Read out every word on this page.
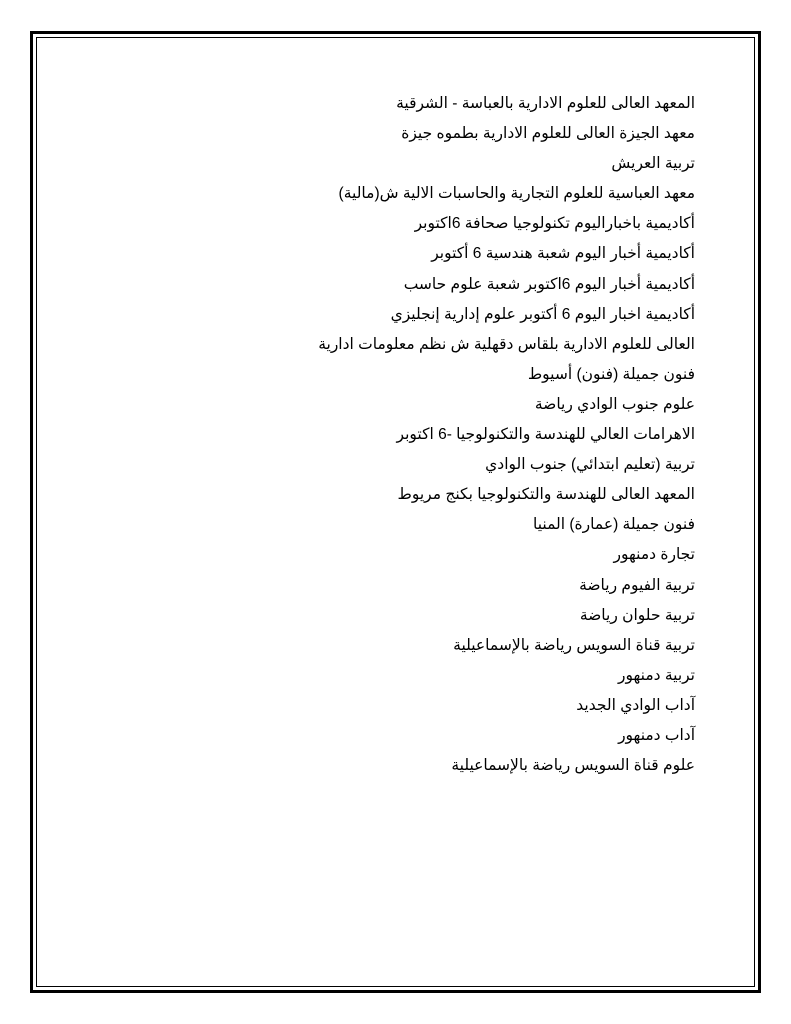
المعهد العالى للعلوم الادارية بالعباسة - الشرقية
معهد الجيزة العالى للعلوم الادارية بطموه جيزة
تربية العريش
معهد العباسية للعلوم التجارية والحاسبات الالية ش(مالية)
أكاديمية باخباراليوم تكنولوجيا صحافة 6اكتوبر
أكاديمية أخبار اليوم شعبة هندسية 6 أكتوبر
أكاديمية أخبار اليوم 6اكتوبر شعبة علوم حاسب
أكاديمية اخبار اليوم 6 أكتوبر علوم إدارية إنجليزي
العالى للعلوم الادارية بلقاس دقهلية ش نظم معلومات ادارية
فنون جميلة (فنون) أسيوط
علوم جنوب الوادي رياضة
الاهرامات العالي للهندسة والتكنولوجيا -6 اكتوبر
تربية (تعليم ابتدائي) جنوب الوادي
المعهد العالى للهندسة والتكنولوجيا بكنج مريوط
فنون جميلة (عمارة) المنيا
تجارة دمنهور
تربية الفيوم رياضة
تربية حلوان رياضة
تربية قناة السويس رياضة بالإسماعيلية
تربية دمنهور
آداب الوادي الجديد
آداب دمنهور
علوم قناة السويس رياضة بالإسماعيلية
